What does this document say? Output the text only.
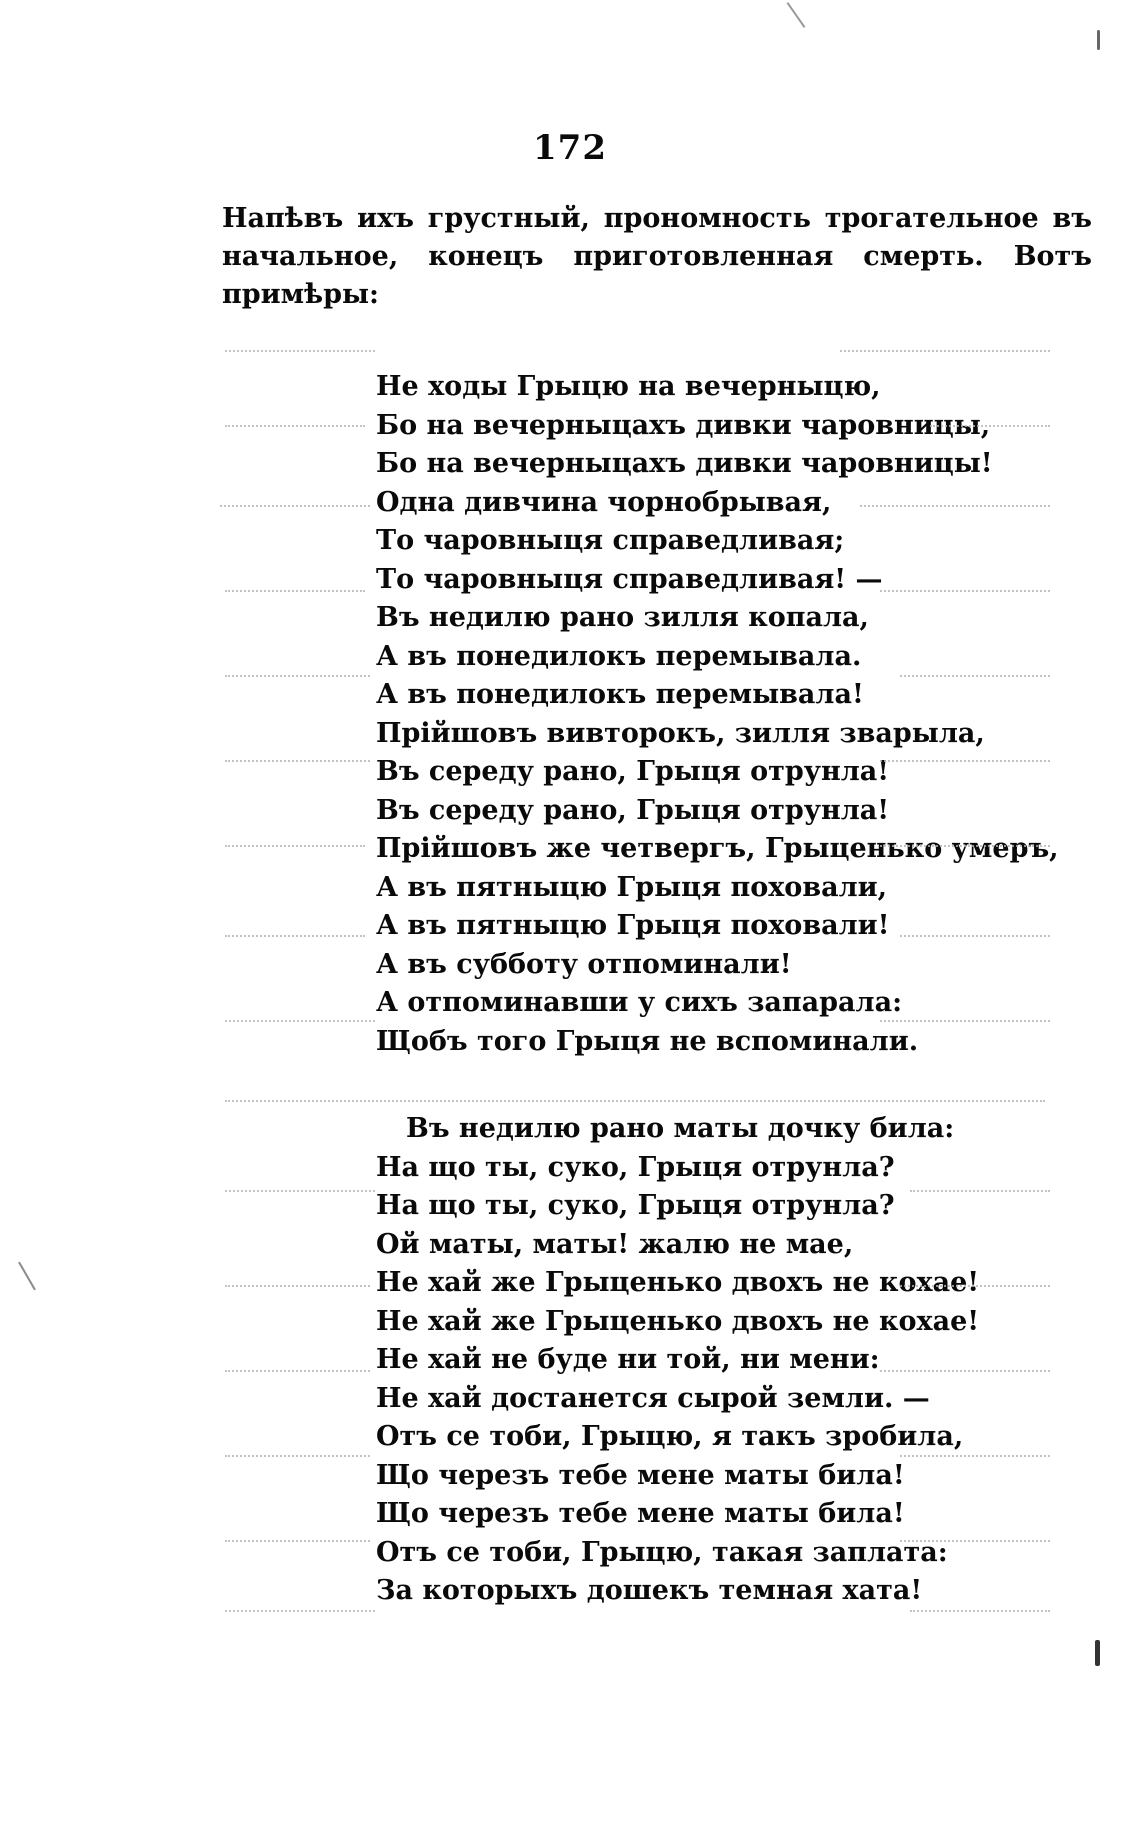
172
Напѣвъ ихъ грустный, прономность трогательное въ начальное, конецъ приготовленная смерть. Вотъ примѣры:
Не ходы Грыцю на вечерныцю,
Бо на вечерныцахъ дивки чаровницы,
Бо на вечерныцахъ дивки чаровницы!
Одна дивчина чорнобрывая,
То чаровныця справедливая;
То чаровныця справедливая! —
Въ недилю рано зилля копала,
А въ понедилокъ перемывала.
А въ понедилокъ перемывала!
Прійшовъ вивторокъ, зилля зварыла,
Въ середу рано, Грыця отрунла!
Въ середу рано, Грыця отрунла!
Прійшовъ же четвергъ, Грыценько умеръ,
А въ пятныцю Грыця поховали,
А въ пятныцю Грыця поховали!
А въ субботу отпоминали!
А отпоминавши у сихъ запарала:
Щобъ того Грыця не вспоминали.
Въ недилю рано маты дочку била:
На що ты, суко, Грыця отрунла?
На що ты, суко, Грыця отрунла?
Ой маты, маты! жалю не мае,
Не хай же Грыценько двохъ не кохае!
Не хай же Грыценько двохъ не кохае!
Не хай не буде ни той, ни мени:
Не хай достанется сырой земли. —
Отъ се тоби, Грыцю, я такъ зробила,
Що черезъ тебе мене маты била!
Що черезъ тебе мене маты била!
Отъ се тоби, Грыцю, такая заплата:
За которыхъ дошекъ темная хата!
